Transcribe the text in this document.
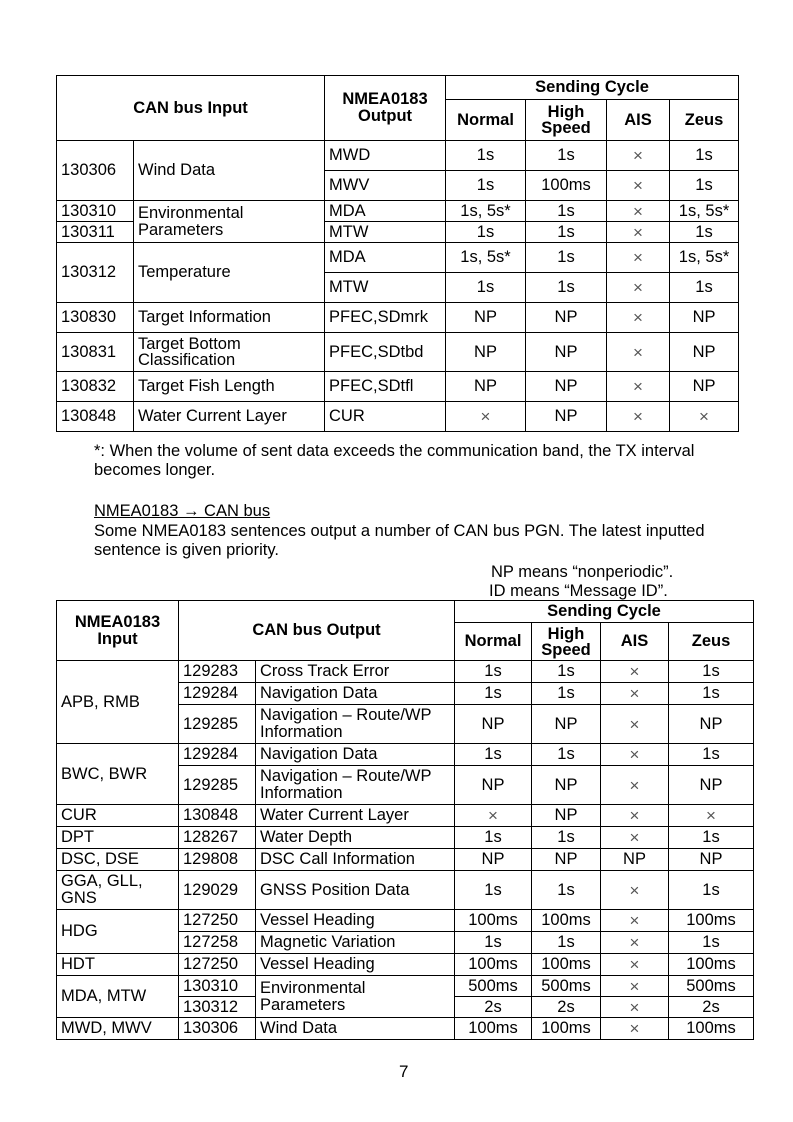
CAN bus Input		NMEA0183 Output	Sending Cycle			
			Normal	High Speed	AIS	Zeus
130306	Wind Data	MWD	1s	1s	×	1s
		MWV	1s	100ms	×	1s
130310	Environmental Parameters	MDA	1s, 5s*	1s	×	1s, 5s*
130311		MTW	1s	1s	×	1s
130312	Temperature	MDA	1s, 5s*	1s	×	1s, 5s*
		MTW	1s	1s	×	1s
130830	Target Information	PFEC,SDmrk	NP	NP	×	NP
130831	Target Bottom Classification	PFEC,SDtbd	NP	NP	×	NP
130832	Target Fish Length	PFEC,SDtfl	NP	NP	×	NP
130848	Water Current Layer	CUR	×	NP	×	×
*: When the volume of sent data exceeds the communication band, the TX interval becomes longer.
NMEA0183 → CAN bus
Some NMEA0183 sentences output a number of CAN bus PGN. The latest inputted sentence is given priority.
NP means “nonperiodic”.
ID means “Message ID”.
NMEA0183 Input	CAN bus Output		Sending Cycle			
			Normal	High Speed	AIS	Zeus
APB, RMB	129283	Cross Track Error	1s	1s	×	1s
	129284	Navigation Data	1s	1s	×	1s
	129285	Navigation – Route/WP Information	NP	NP	×	NP
BWC, BWR	129284	Navigation Data	1s	1s	×	1s
	129285	Navigation – Route/WP Information	NP	NP	×	NP
CUR	130848	Water Current Layer	×	NP	×	×
DPT	128267	Water Depth	1s	1s	×	1s
DSC, DSE	129808	DSC Call Information	NP	NP	NP	NP
GGA, GLL, GNS	129029	GNSS Position Data	1s	1s	×	1s
HDG	127250	Vessel Heading	100ms	100ms	×	100ms
	127258	Magnetic Variation	1s	1s	×	1s
HDT	127250	Vessel Heading	100ms	100ms	×	100ms
MDA, MTW	130310	Environmental Parameters	500ms	500ms	×	500ms
	130312		2s	2s	×	2s
MWD, MWV	130306	Wind Data	100ms	100ms	×	100ms
7
